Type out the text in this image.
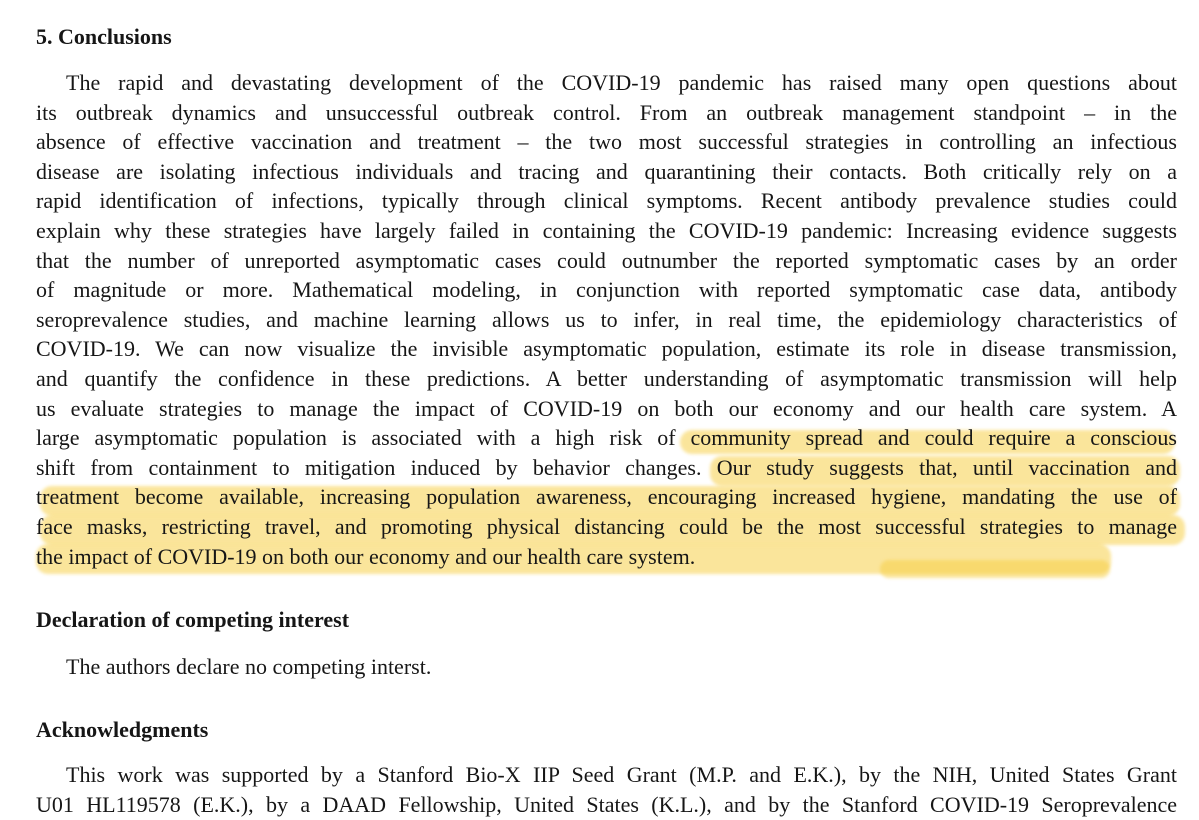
5. Conclusions
The rapid and devastating development of the COVID-19 pandemic has raised many open questions about
its outbreak dynamics and unsuccessful outbreak control. From an outbreak management standpoint – in the
absence of effective vaccination and treatment – the two most successful strategies in controlling an infectious
disease are isolating infectious individuals and tracing and quarantining their contacts. Both critically rely on a
rapid identification of infections, typically through clinical symptoms. Recent antibody prevalence studies could
explain why these strategies have largely failed in containing the COVID-19 pandemic: Increasing evidence suggests
that the number of unreported asymptomatic cases could outnumber the reported symptomatic cases by an order
of magnitude or more. Mathematical modeling, in conjunction with reported symptomatic case data, antibody
seroprevalence studies, and machine learning allows us to infer, in real time, the epidemiology characteristics of
COVID-19. We can now visualize the invisible asymptomatic population, estimate its role in disease transmission,
and quantify the confidence in these predictions. A better understanding of asymptomatic transmission will help
us evaluate strategies to manage the impact of COVID-19 on both our economy and our health care system. A
large asymptomatic population is associated with a high risk of community spread and could require a conscious
shift from containment to mitigation induced by behavior changes. Our study suggests that, until vaccination and
treatment become available, increasing population awareness, encouraging increased hygiene, mandating the use of
face masks, restricting travel, and promoting physical distancing could be the most successful strategies to manage
the impact of COVID-19 on both our economy and our health care system.
Declaration of competing interest
The authors declare no competing interst.
Acknowledgments
This work was supported by a Stanford Bio-X IIP Seed Grant (M.P. and E.K.), by the NIH, United States Grant
U01 HL119578 (E.K.), by a DAAD Fellowship, United States (K.L.), and by the Stanford COVID-19 Seroprevalence
